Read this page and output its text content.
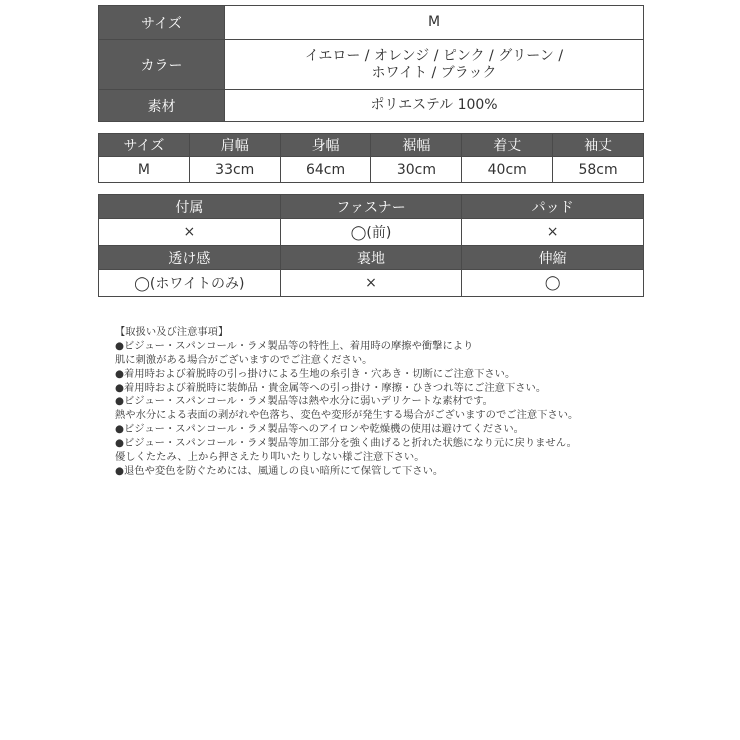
サイズ	M
カラー	イエロー / オレンジ / ピンク / グリーン /
ホワイト / ブラック

素材	ポリエステル 100%
サイズ	肩幅	身幅	裾幅	着丈	袖丈
M	33cm	64cm	30cm	40cm	58cm
付属	ファスナー	パッド
×	◯(前)	×
透け感	裏地	伸縮
◯(ホワイトのみ)	×	◯
【取扱い及び注意事項】
●ビジュー・スパンコール・ラメ製品等の特性上、着用時の摩擦や衝撃により
肌に刺激がある場合がございますのでご注意ください。
●着用時および着脱時の引っ掛けによる生地の糸引き・穴あき・切断にご注意下さい。
●着用時および着脱時に装飾品・貴金属等への引っ掛け・摩擦・ひきつれ等にご注意下さい。
●ビジュー・スパンコール・ラメ製品等は熱や水分に弱いデリケートな素材です。
熱や水分による表面の剥がれや色落ち、変色や変形が発生する場合がございますのでご注意下さい。
●ビジュー・スパンコール・ラメ製品等へのアイロンや乾燥機の使用は避けてください。
●ビジュー・スパンコール・ラメ製品等加工部分を強く曲げると折れた状態になり元に戻りません。
優しくたたみ、上から押さえたり叩いたりしない様ご注意下さい。
●退色や変色を防ぐためには、風通しの良い暗所にて保管して下さい。
